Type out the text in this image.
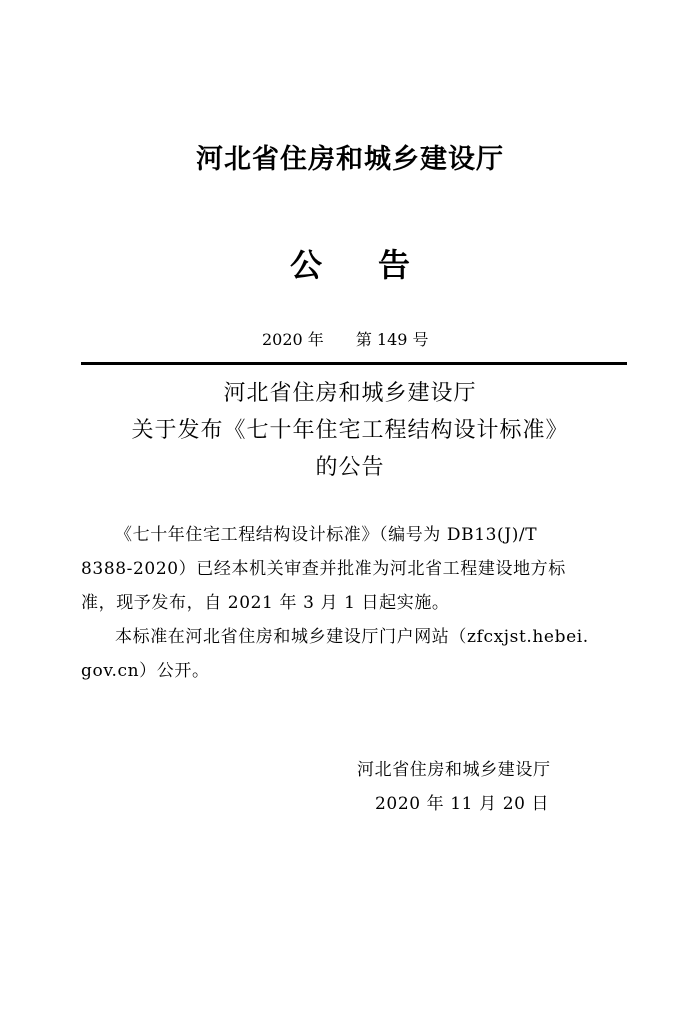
河北省住房和城乡建设厅
公 告
2020 年 第 149 号
河北省住房和城乡建设厅
关于发布《七十年住宅工程结构设计标准》
的公告
《七十年住宅工程结构设计标准》（编号为 DB13(J)/T
8388-2020）已经本机关审查并批准为河北省工程建设地方标
准，现予发布，自 2021 年 3 月 1 日起实施。
本标准在河北省住房和城乡建设厅门户网站（zfcxjst.hebei.
gov.cn）公开。
河北省住房和城乡建设厅
2020 年 11 月 20 日
